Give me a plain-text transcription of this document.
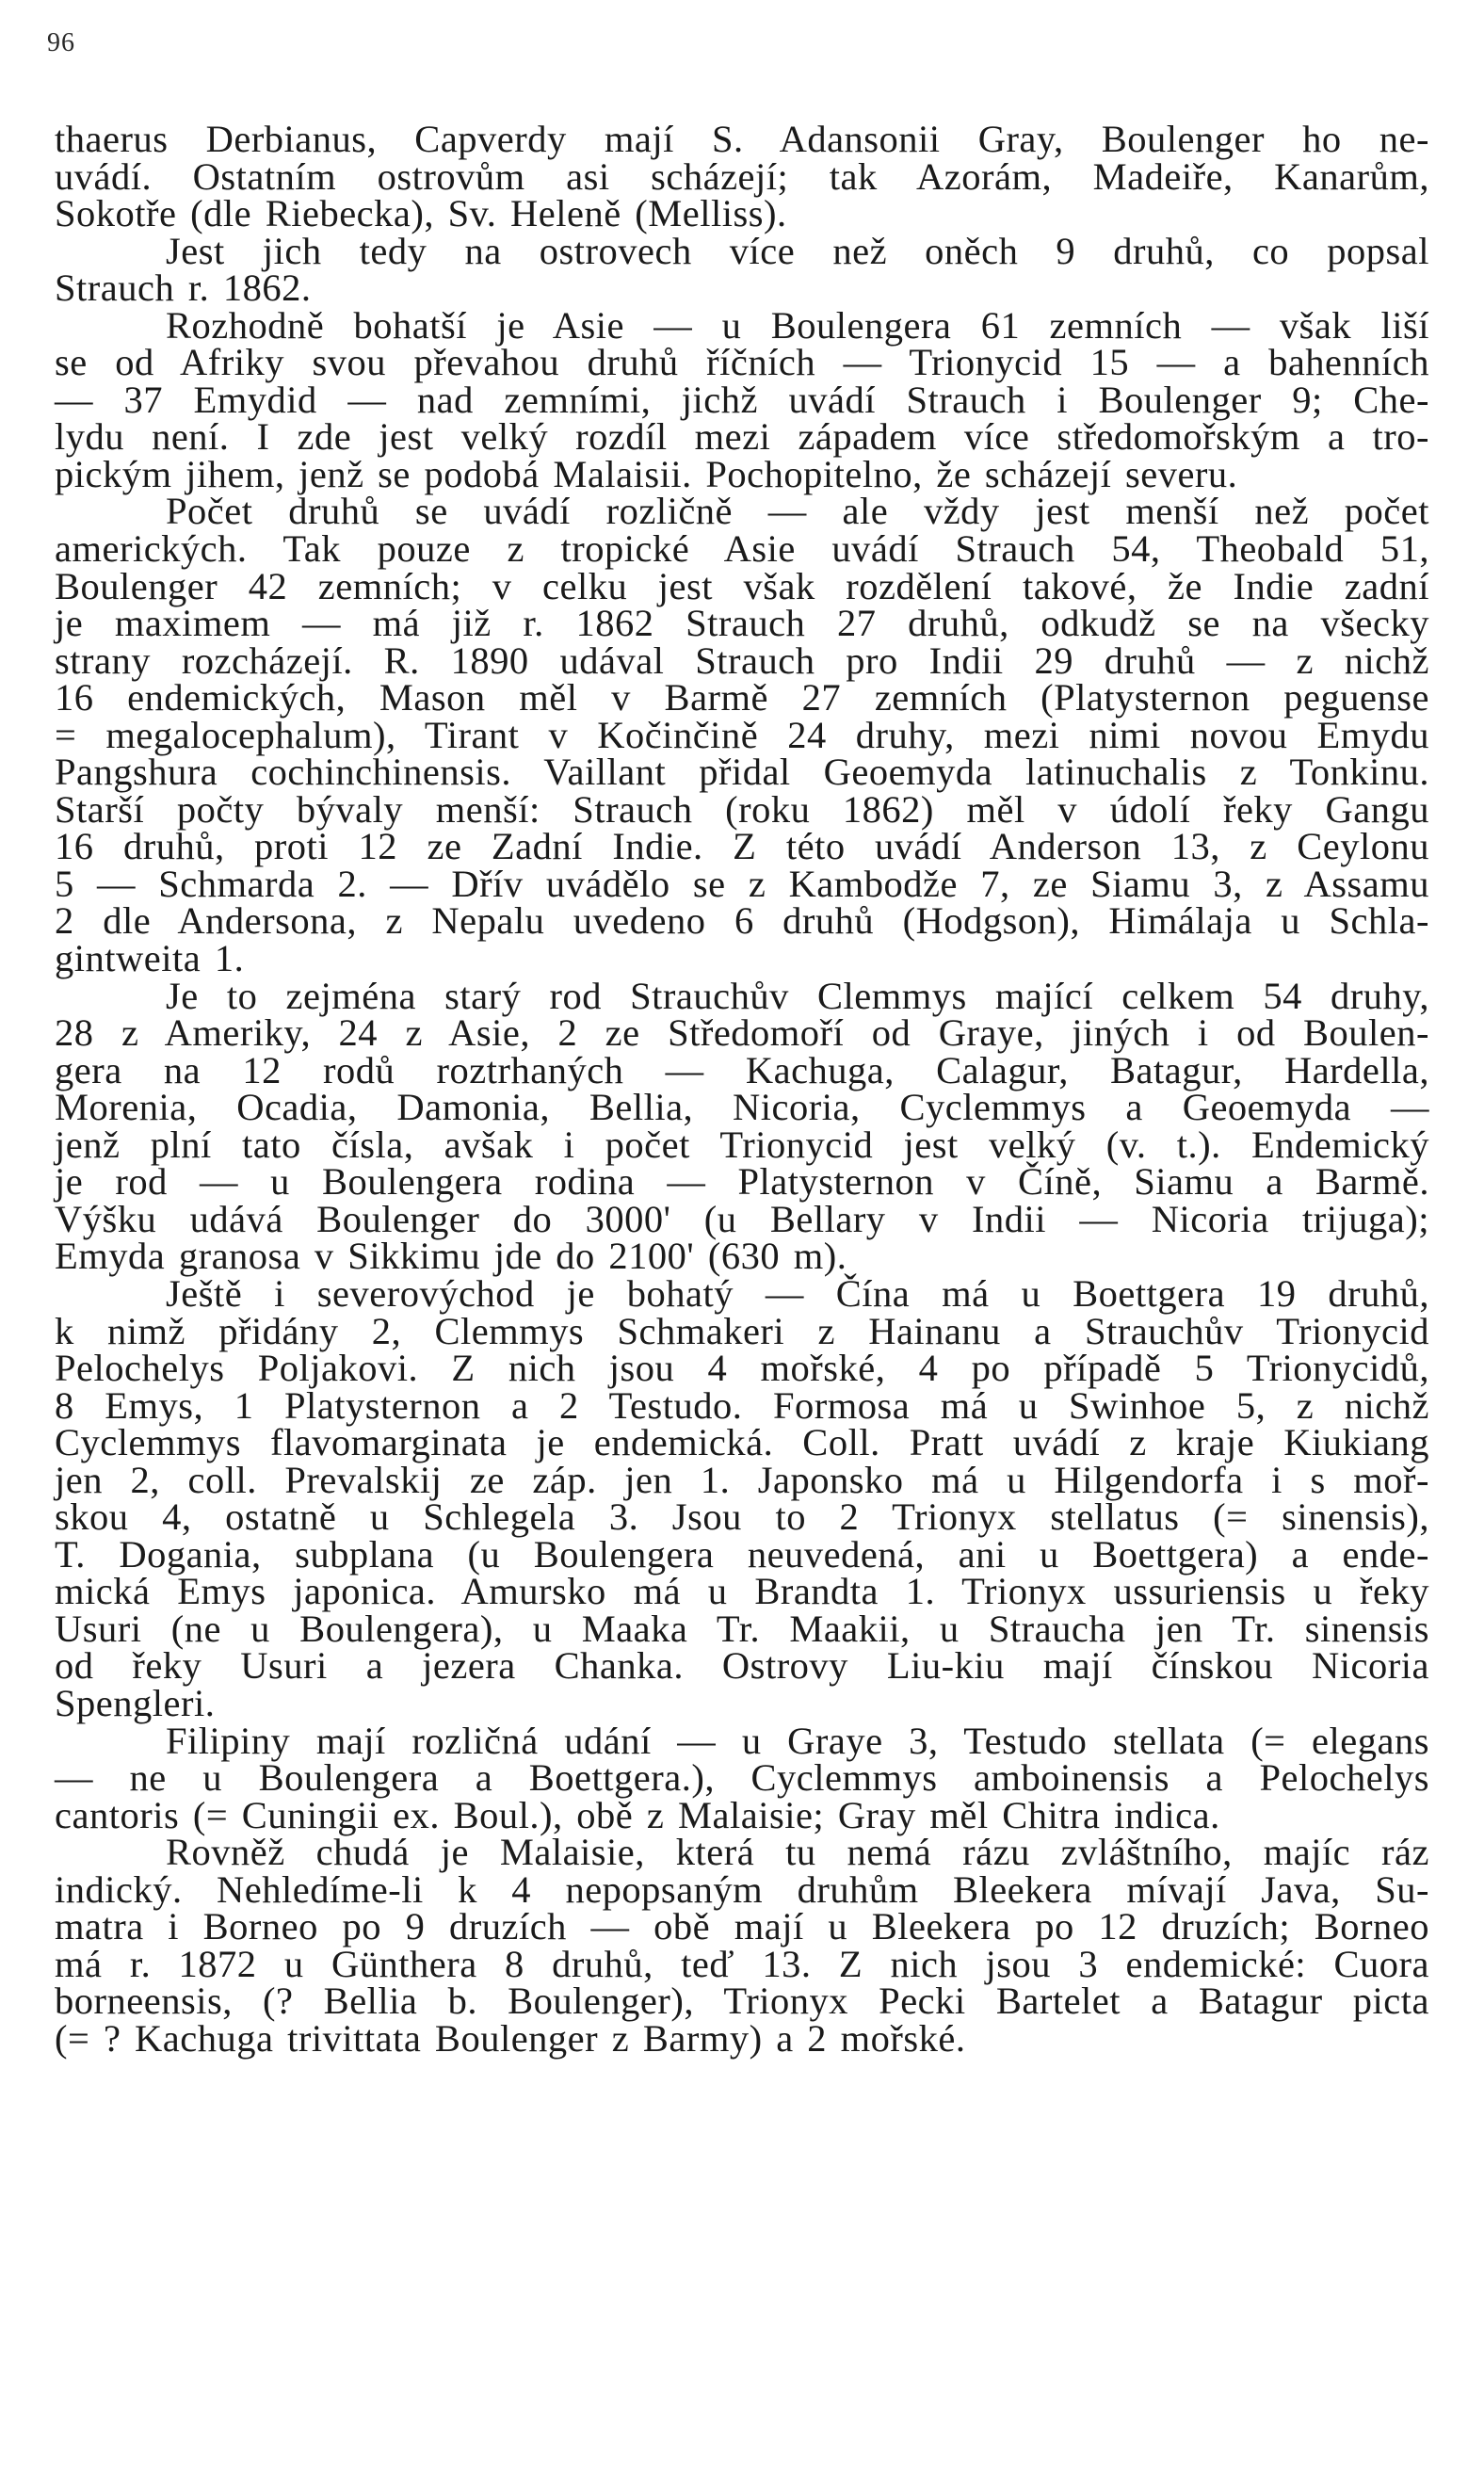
96

thaerus Derbianus, Capverdy mají S. Adansonii Gray, Boulenger ho ne-
uvádí. Ostatním ostrovům asi scházejí; tak Azorám, Madeiře, Kanarům,
Sokotře (dle Riebecka), Sv. Heleně (Melliss).

Jest jich tedy na ostrovech více než oněch 9 druhů, co popsal
Strauch r. 1862.

Rozhodně bohatší je Asie — u Boulengera 61 zemních — však liší
se od Afriky svou převahou druhů říčních — Trionycid 15 — a bahenních
— 37 Emydid — nad zemními, jichž uvádí Strauch i Boulenger 9; Che-
lydu není. I zde jest velký rozdíl mezi západem více středomořským a tro-
pickým jihem, jenž se podobá Malaisii. Pochopitelno, že scházejí severu.

Počet druhů se uvádí rozličně — ale vždy jest menší než počet
amerických. Tak pouze z tropické Asie uvádí Strauch 54, Theobald 51,
Boulenger 42 zemních; v celku jest však rozdělení takové, že Indie zadní
je maximem — má již r. 1862 Strauch 27 druhů, odkudž se na všecky
strany rozcházejí. R. 1890 udával Strauch pro Indii 29 druhů — z nichž
16 endemických, Mason měl v Barmě 27 zemních (Platysternon peguense
= megalocephalum), Tirant v Kočinčině 24 druhy, mezi nimi novou Emydu
Pangshura cochinchinensis. Vaillant přidal Geoemyda latinuchalis z Tonkinu.
Starší počty bývaly menší: Strauch (roku 1862) měl v údolí řeky Gangu
16 druhů, proti 12 ze Zadní Indie. Z této uvádí Anderson 13, z Ceylonu
5 — Schmarda 2. — Dřív uvádělo se z Kambodže 7, ze Siamu 3, z Assamu
2 dle Andersona, z Nepalu uvedeno 6 druhů (Hodgson), Himálaja u Schla-
gintweita 1.

Je to zejména starý rod Strauchův Clemmys mající celkem 54 druhy,
28 z Ameriky, 24 z Asie, 2 ze Středomoří od Graye, jiných i od Boulen-
gera na 12 rodů roztrhaných — Kachuga, Calagur, Batagur, Hardella,
Morenia, Ocadia, Damonia, Bellia, Nicoria, Cyclemmys a Geoemyda —
jenž plní tato čísla, avšak i počet Trionycid jest velký (v. t.). Endemický
je rod — u Boulengera rodina — Platysternon v Číně, Siamu a Barmě.
Výšku udává Boulenger do 3000' (u Bellary v Indii — Nicoria trijuga);
Emyda granosa v Sikkimu jde do 2100' (630 m).

Ještě i severovýchod je bohatý — Čína má u Boettgera 19 druhů,
k nimž přidány 2, Clemmys Schmakeri z Hainanu a Strauchův Trionycid
Pelochelys Poljakovi. Z nich jsou 4 mořské, 4 po případě 5 Trionycidů,
8 Emys, 1 Platysternon a 2 Testudo. Formosa má u Swinhoe 5, z nichž
Cyclemmys flavomarginata je endemická. Coll. Pratt uvádí z kraje Kiukiang
jen 2, coll. Prevalskij ze záp. jen 1. Japonsko má u Hilgendorfa i s moř-
skou 4, ostatně u Schlegela 3. Jsou to 2 Trionyx stellatus (= sinensis),
T. Dogania, subplana (u Boulengera neuvedená, ani u Boettgera) a ende-
mická Emys japonica. Amursko má u Brandta 1. Trionyx ussuriensis u řeky
Usuri (ne u Boulengera), u Maaka Tr. Maakii, u Straucha jen Tr. sinensis
od řeky Usuri a jezera Chanka. Ostrovy Liu-kiu mají čínskou Nicoria
Spengleri.

Filipiny mají rozličná udání — u Graye 3, Testudo stellata (= elegans
— ne u Boulengera a Boettgera.), Cyclemmys amboinensis a Pelochelys
cantoris (= Cuningii ex. Boul.), obě z Malaisie; Gray měl Chitra indica.

Rovněž chudá je Malaisie, která tu nemá rázu zvláštního, majíc ráz
indický. Nehledíme-li k 4 nepopsaným druhům Bleekera mívají Java, Su-
matra i Borneo po 9 druzích — obě mají u Bleekera po 12 druzích; Borneo
má r. 1872 u Günthera 8 druhů, teď 13. Z nich jsou 3 endemické: Cuora
borneensis, (? Bellia b. Boulenger), Trionyx Pecki Bartelet a Batagur picta
(= ? Kachuga trivittata Boulenger z Barmy) a 2 mořské.
